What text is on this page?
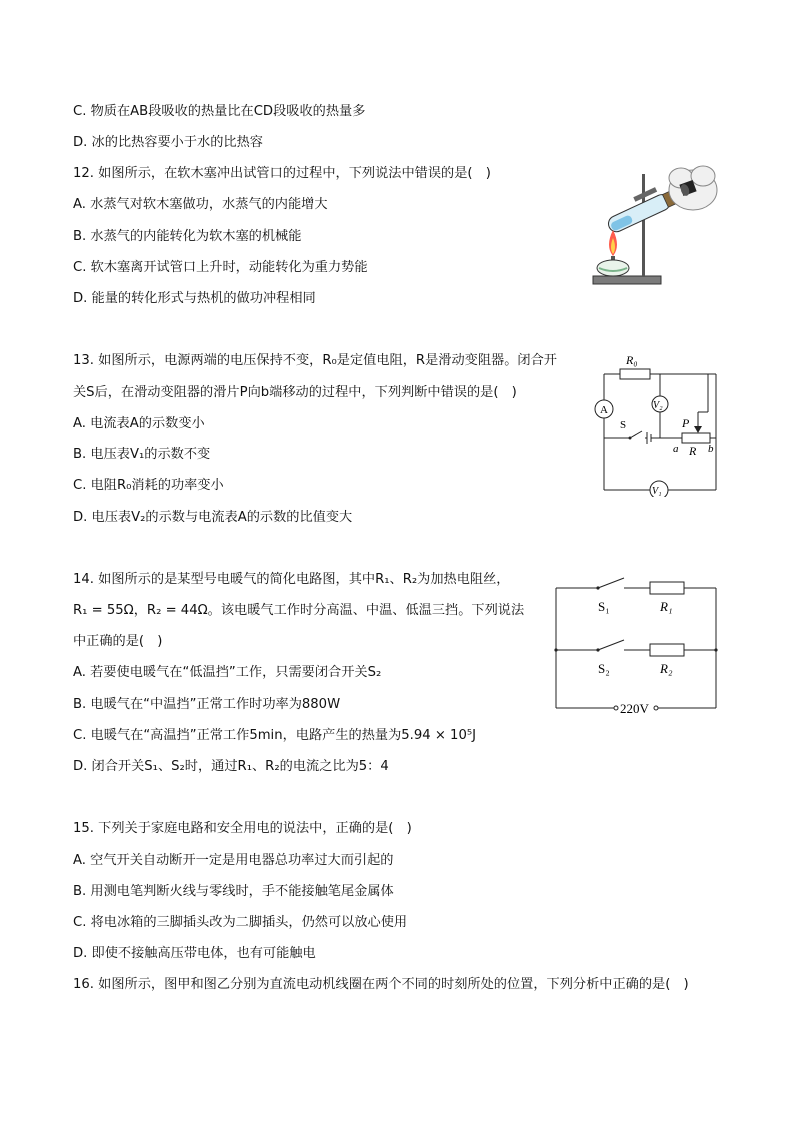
C. 物质在AB段吸收的热量比在CD段吸收的热量多
D. 冰的比热容要小于水的比热容
12. 如图所示，在软木塞冲出试管口的过程中，下列说法中错误的是(　)
A. 水蒸气对软木塞做功，水蒸气的内能增大
B. 水蒸气的内能转化为软木塞的机械能
C. 软木塞离开试管口上升时，动能转化为重力势能
D. 能量的转化形式与热机的做功冲程相同
13. 如图所示，电源两端的电压保持不变，R₀是定值电阻，R是滑动变阻器。闭合开
关S后，在滑动变阻器的滑片P向b端移动的过程中，下列判断中错误的是(　)
A. 电流表A的示数变小
B. 电压表V₁的示数不变
C. 电阻R₀消耗的功率变小
D. 电压表V₂的示数与电流表A的示数的比值变大
R₀
A	V₂
S	P
a R b
V₁
14. 如图所示的是某型号电暖气的简化电路图，其中R₁、R₂为加热电阻丝，
R₁ = 55Ω，R₂ = 44Ω。该电暖气工作时分高温、中温、低温三挡。下列说法
中正确的是(　)
A. 若要使电暖气在“低温挡”工作，只需要闭合开关S₂
B. 电暖气在“中温挡”正常工作时功率为880W
C. 电暖气在“高温挡”正常工作5min，电路产生的热量为5.94 × 10⁵J
D. 闭合开关S₁、S₂时，通过R₁、R₂的电流之比为5：4
S₁	R₁
S₂	R₂
220V
15. 下列关于家庭电路和安全用电的说法中，正确的是(　)
A. 空气开关自动断开一定是用电器总功率过大而引起的
B. 用测电笔判断火线与零线时，手不能接触笔尾金属体
C. 将电冰箱的三脚插头改为二脚插头，仍然可以放心使用
D. 即使不接触高压带电体，也有可能触电
16. 如图所示，图甲和图乙分别为直流电动机线圈在两个不同的时刻所处的位置，下列分析中正确的是(　)
